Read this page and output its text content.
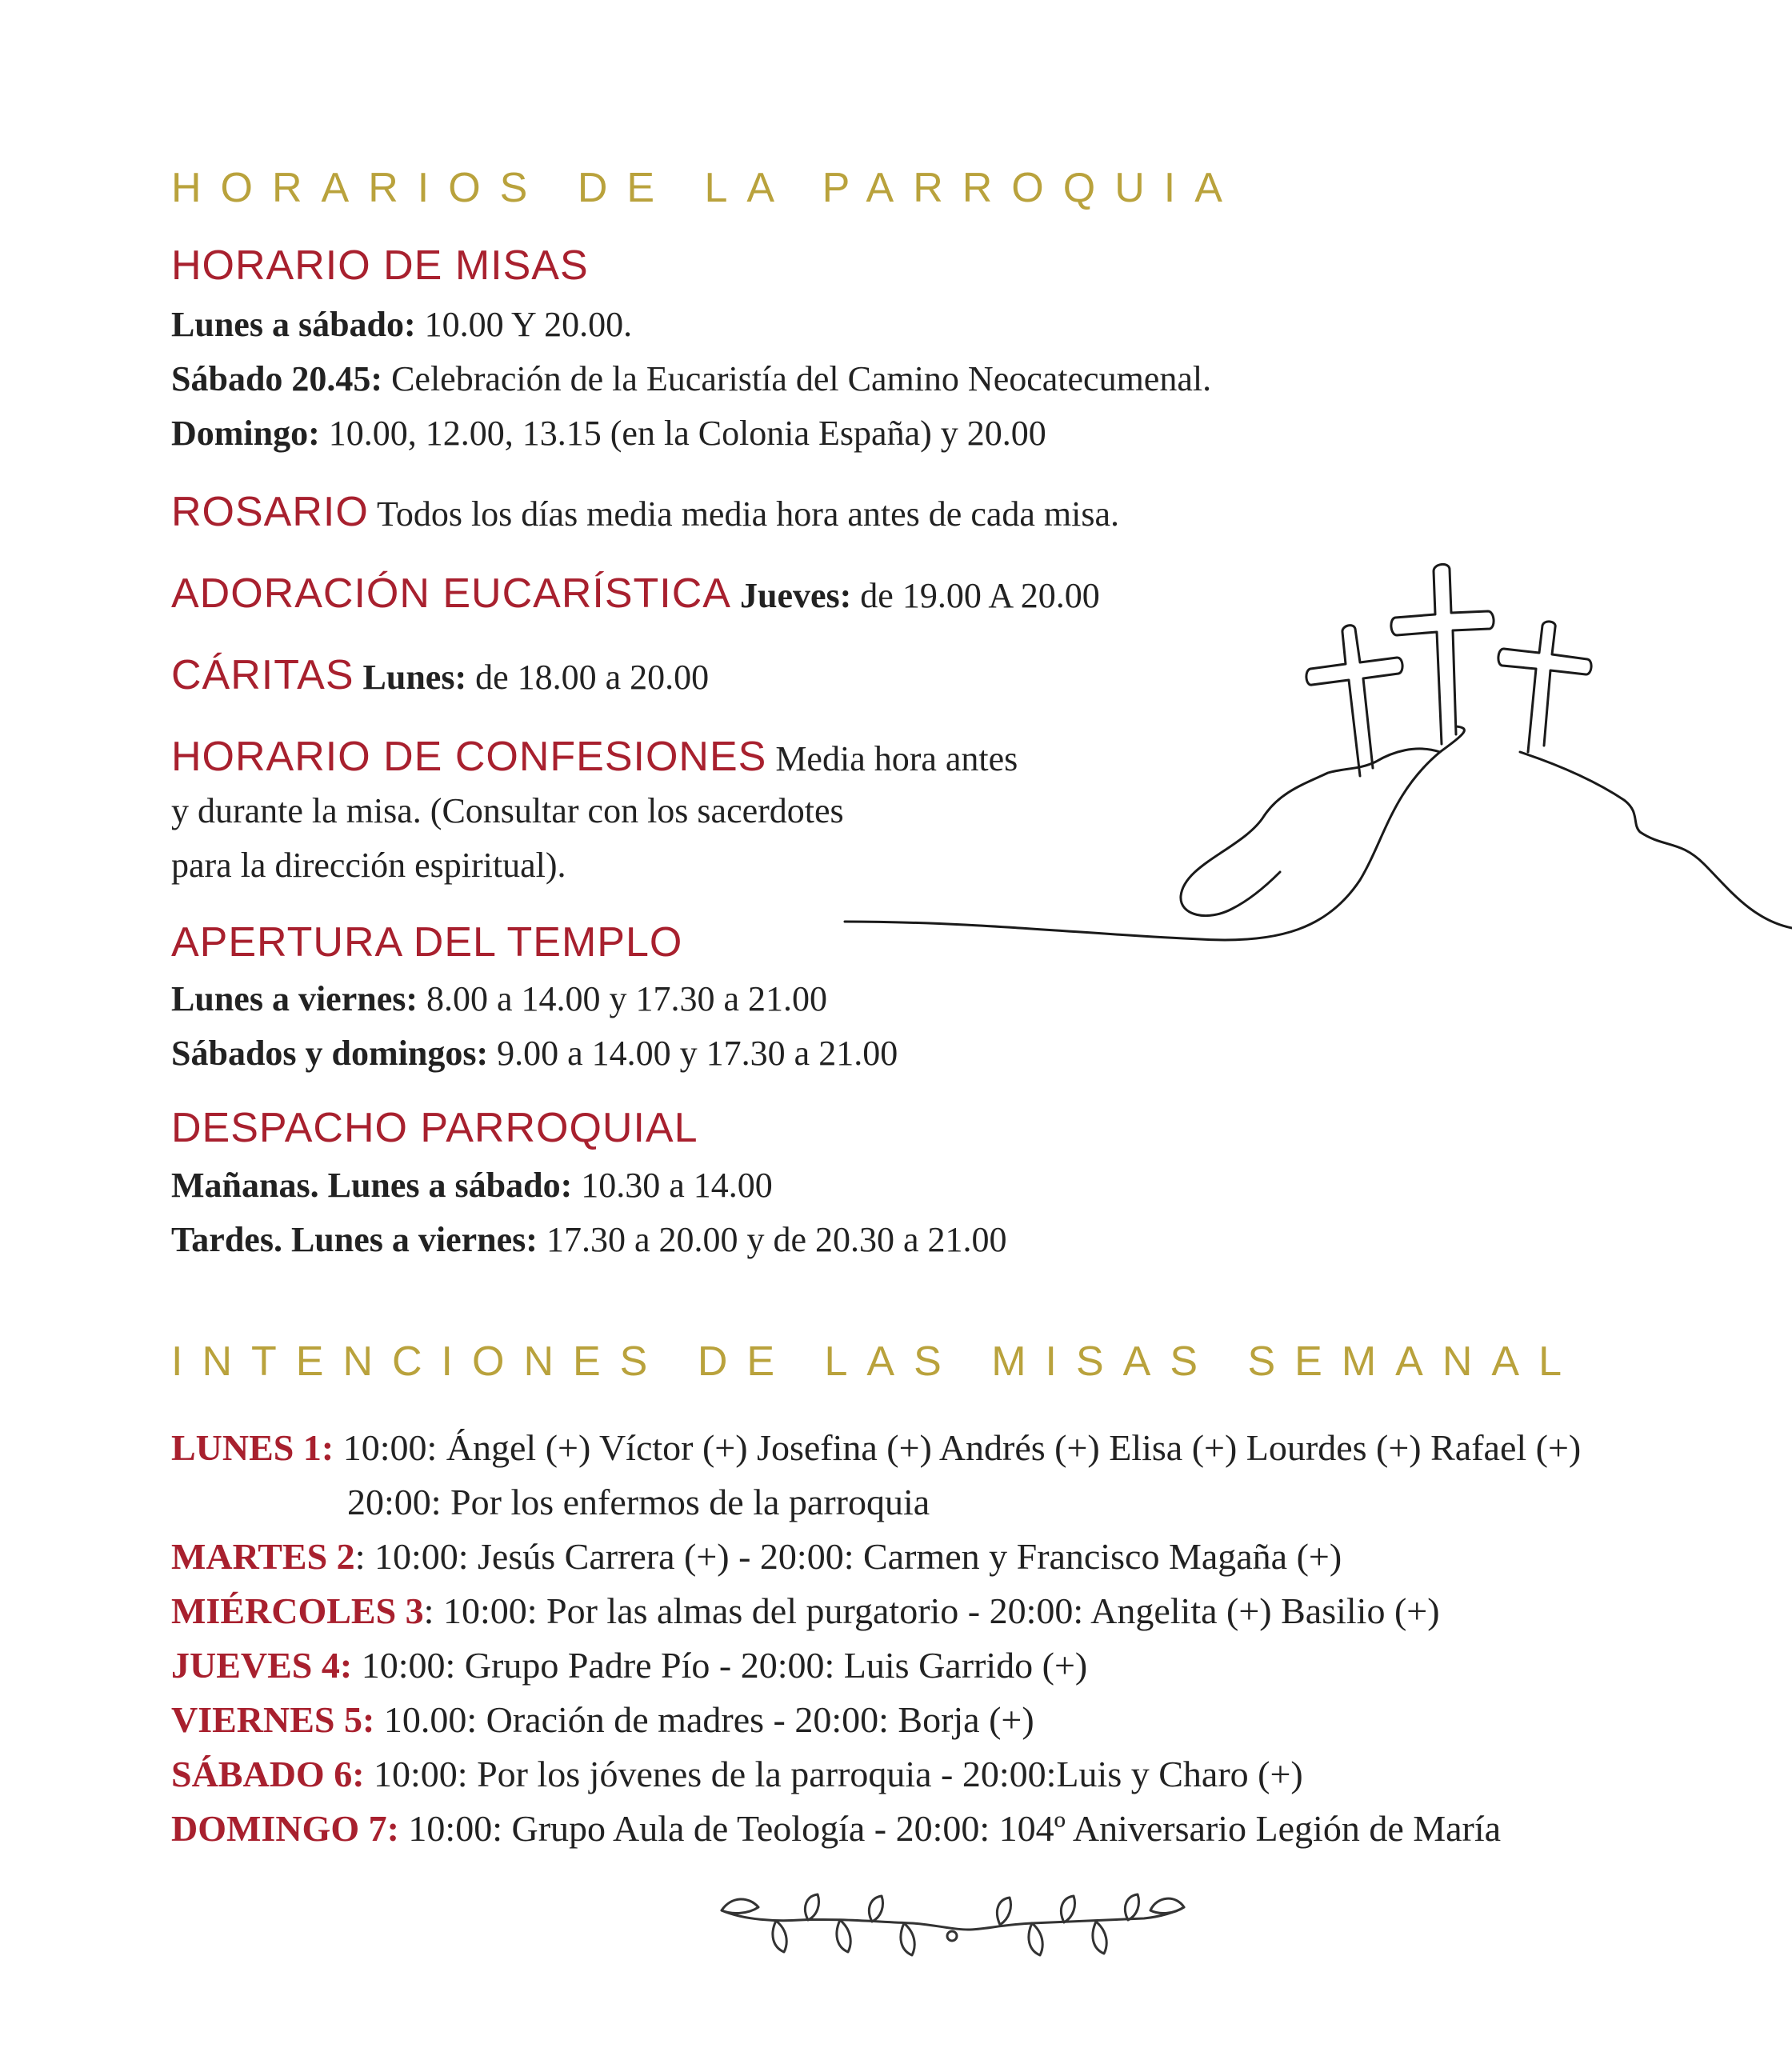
HORARIOS DE LA PARROQUIA
HORARIO DE MISAS
Lunes a sábado: 10.00 Y 20.00.
Sábado 20.45: Celebración de la Eucaristía del Camino Neocatecumenal.
Domingo: 10.00, 12.00, 13.15 (en la Colonia España) y 20.00
ROSARIO Todos los días media media hora antes de cada misa.
ADORACIÓN EUCARÍSTICA Jueves: de 19.00 A 20.00
CÁRITAS Lunes: de 18.00 a 20.00
HORARIO DE CONFESIONES Media hora antes
y durante la misa. (Consultar con los sacerdotes
para la dirección espiritual).
APERTURA DEL TEMPLO
Lunes a viernes: 8.00 a 14.00 y 17.30 a 21.00
Sábados y domingos: 9.00 a 14.00 y 17.30 a 21.00
DESPACHO PARROQUIAL
Mañanas. Lunes a sábado: 10.30 a 14.00
Tardes. Lunes a viernes: 17.30 a 20.00 y de 20.30 a 21.00
INTENCIONES DE LAS MISAS SEMANAL
LUNES 1: 10:00: Ángel (+) Víctor (+) Josefina (+) Andrés (+) Elisa (+) Lourdes (+) Rafael (+)
20:00: Por los enfermos de la parroquia
MARTES 2: 10:00: Jesús Carrera (+) - 20:00: Carmen y Francisco Magaña (+)
MIÉRCOLES 3: 10:00: Por las almas del purgatorio - 20:00: Angelita (+) Basilio (+)
JUEVES 4: 10:00: Grupo Padre Pío - 20:00: Luis Garrido (+)
VIERNES 5: 10.00: Oración de madres - 20:00: Borja (+)
SÁBADO 6: 10:00: Por los jóvenes de la parroquia - 20:00:Luis y Charo (+)
DOMINGO 7: 10:00: Grupo Aula de Teología - 20:00: 104º Aniversario Legión de María
